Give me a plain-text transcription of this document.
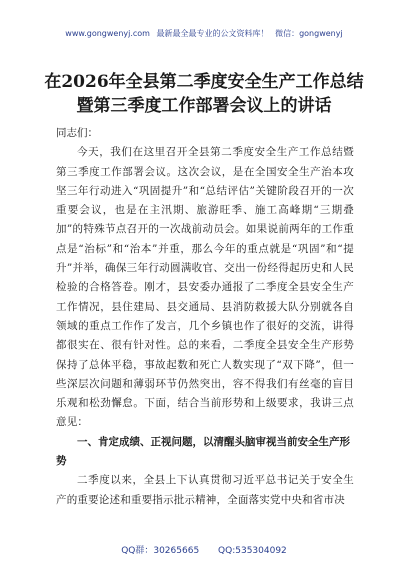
www.gongwenyj.com 最新最全最专业的公文资料库！ 微信：gongwenyj
在2026年全县第二季度安全生产工作总结
暨第三季度工作部署会议上的讲话

同志们：

今天，我们在这里召开全县第二季度安全生产工作总结暨第三季度工作部署会议。这次会议，是在全国安全生产治本攻坚三年行动进入“巩固提升”和“总结评估”关键阶段召开的一次重要会议，也是在主汛期、旅游旺季、施工高峰期“三期叠加”的特殊节点召开的一次战前动员会。如果说前两年的工作重点是“治标”和“治本”并重，那么今年的重点就是“巩固”和“提升”并举，确保三年行动圆满收官、交出一份经得起历史和人民检验的合格答卷。刚才，县安委办通报了二季度全县安全生产工作情况，县住建局、县交通局、县消防救援大队分别就各自领域的重点工作作了发言，几个乡镇也作了很好的交流，讲得都很实在、很有针对性。总的来看，二季度全县安全生产形势保持了总体平稳，事故起数和死亡人数实现了“双下降”，但一些深层次问题和薄弱环节仍然突出，容不得我们有丝毫的盲目乐观和松劲懈怠。下面，结合当前形势和上级要求，我讲三点意见：

一、肯定成绩、正视问题，以清醒头脑审视当前安全生产形势

二季度以来，全县上下认真贯彻习近平总书记关于安全生产的重要论述和重要指示批示精神，全面落实党中央和省市决

QQ群：30265665 QQ:535304092
